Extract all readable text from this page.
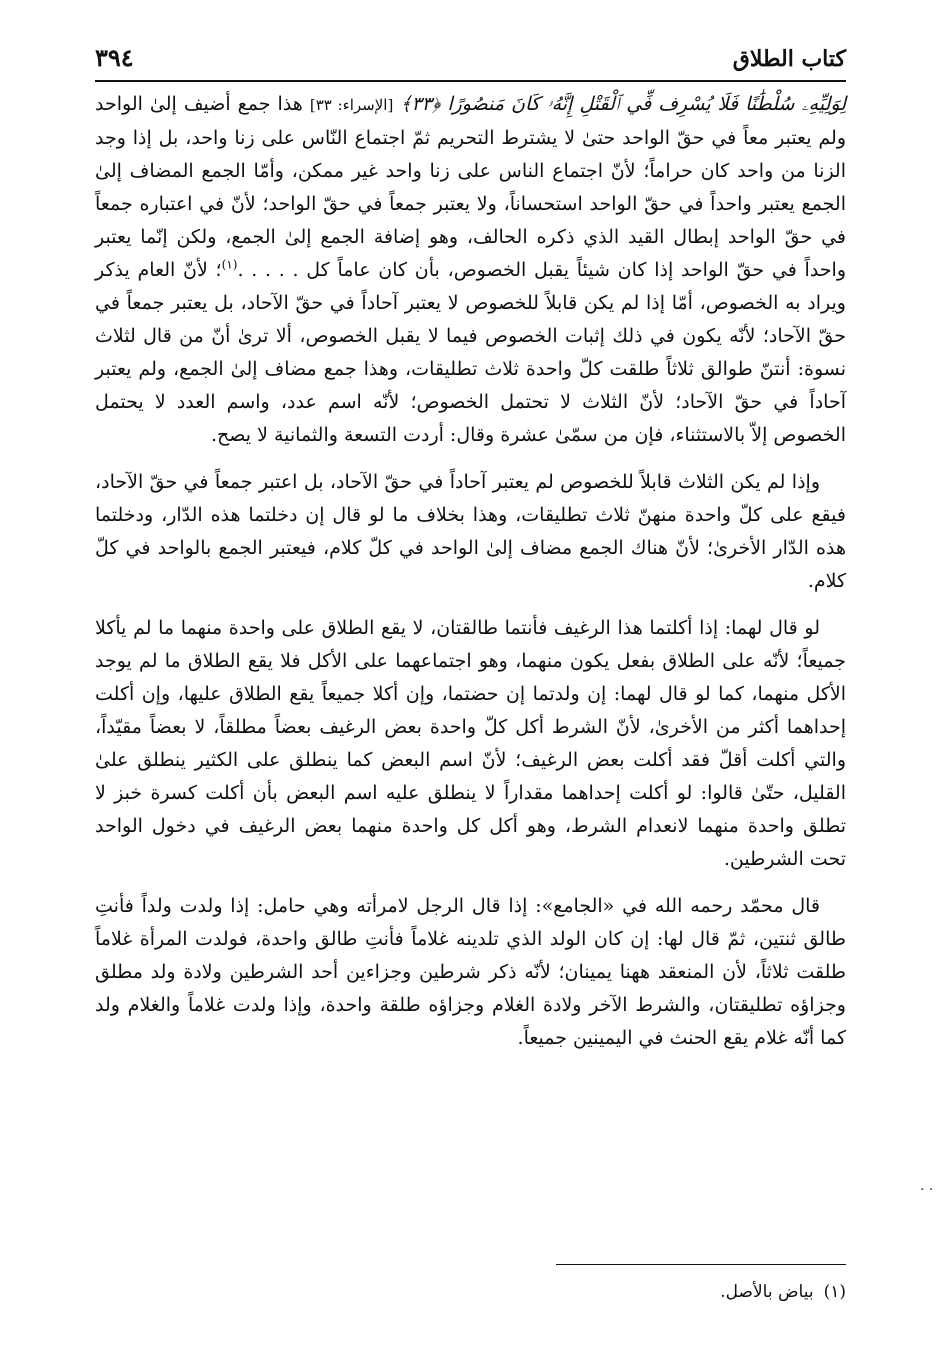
كتاب الطلاق
٣٩٤

لِوَلِيِّهِۦ سُلْطَٰنًا فَلَا يُسْرِف فِّي ٱلْقَتْلِ إِنَّهُۥ كَانَ مَنصُورًا ﴿٣٣﴾ [الإسراء: ٣٣] هذا جمع أضيف إلىٰ الواحد ولم يعتبر معاً في حقّ الواحد حتىٰ لا يشترط التحريم ثمّ اجتماع النّاس على زنا واحد، بل إذا وجد الزنا من واحد كان حراماً؛ لأنّ اجتماع الناس على زنا واحد غير ممكن، وأمّا الجمع المضاف إلىٰ الجمع يعتبر واحداً في حقّ الواحد استحساناً، ولا يعتبر جمعاً في حقّ الواحد؛ لأنّ في اعتباره جمعاً في حقّ الواحد إبطال القيد الذي ذكره الحالف، وهو إضافة الجمع إلىٰ الجمع، ولكن إنّما يعتبر واحداً في حقّ الواحد إذا كان شيئاً يقبل الخصوص، بأن كان عاماً كل . . . . .$^{(١)}$؛ لأنّ العام يذكر ويراد به الخصوص، أمّا إذا لم يكن قابلاً للخصوص لا يعتبر آحاداً في حقّ الآحاد، بل يعتبر جمعاً في حقّ الآحاد؛ لأنّه يكون في ذلك إثبات الخصوص فيما لا يقبل الخصوص، ألا ترىٰ أنّ من قال لثلاث نسوة: أنتنّ طوالق ثلاثاً طلقت كلّ واحدة ثلاث تطليقات، وهذا جمع مضاف إلىٰ الجمع، ولم يعتبر آحاداً في حقّ الآحاد؛ لأنّ الثلاث لا تحتمل الخصوص؛ لأنّه اسم عدد، واسم العدد لا يحتمل الخصوص إلاّ بالاستثناء، فإن من سمّىٰ عشرة وقال: أردت التسعة والثمانية لا يصح.

وإذا لم يكن الثلاث قابلاً للخصوص لم يعتبر آحاداً في حقّ الآحاد، بل اعتبر جمعاً في حقّ الآحاد، فيقع على كلّ واحدة منهنّ ثلاث تطليقات، وهذا بخلاف ما لو قال إن دخلتما هذه الدّار، ودخلتما هذه الدّار الأخرىٰ؛ لأنّ هناك الجمع مضاف إلىٰ الواحد في كلّ كلام، فيعتبر الجمع بالواحد في كلّ كلام.

لو قال لهما: إذا أكلتما هذا الرغيف فأنتما طالقتان، لا يقع الطلاق على واحدة منهما ما لم يأكلا جميعاً؛ لأنّه على الطلاق بفعل يكون منهما، وهو اجتماعهما على الأكل فلا يقع الطلاق ما لم يوجد الأكل منهما، كما لو قال لهما: إن ولدتما إن حضتما، وإن أكلا جميعاً يقع الطلاق عليها، وإن أكلت إحداهما أكثر من الأخرىٰ، لأنّ الشرط أكل كلّ واحدة بعض الرغيف بعضاً مطلقاً، لا بعضاً مقيّداً، والتي أكلت أقلّ فقد أكلت بعض الرغيف؛ لأنّ اسم البعض كما ينطلق على الكثير ينطلق علىٰ القليل، حتّىٰ قالوا: لو أكلت إحداهما مقداراً لا ينطلق عليه اسم البعض بأن أكلت كسرة خبز لا تطلق واحدة منهما لانعدام الشرط، وهو أكل كل واحدة منهما بعض الرغيف في دخول الواحد تحت الشرطين.

قال محمّد رحمه الله في «الجامع»: إذا قال الرجل لامرأته وهي حامل: إذا ولدت ولداً فأنتِ طالق ثنتين، ثمّ قال لها: إن كان الولد الذي تلدينه غلاماً فأنتِ طالق واحدة، فولدت المرأة غلاماً طلقت ثلاثاً، لأن المنعقد ههنا يمينان؛ لأنّه ذكر شرطين وجزاءين أحد الشرطين ولادة ولد مطلق وجزاؤه تطليقتان، والشرط الآخر ولادة الغلام وجزاؤه طلقة واحدة، وإذا ولدت غلاماً والغلام ولد كما أنّه غلام يقع الحنث في اليمينين جميعاً.

(١)
بياض بالأصل.
. .
